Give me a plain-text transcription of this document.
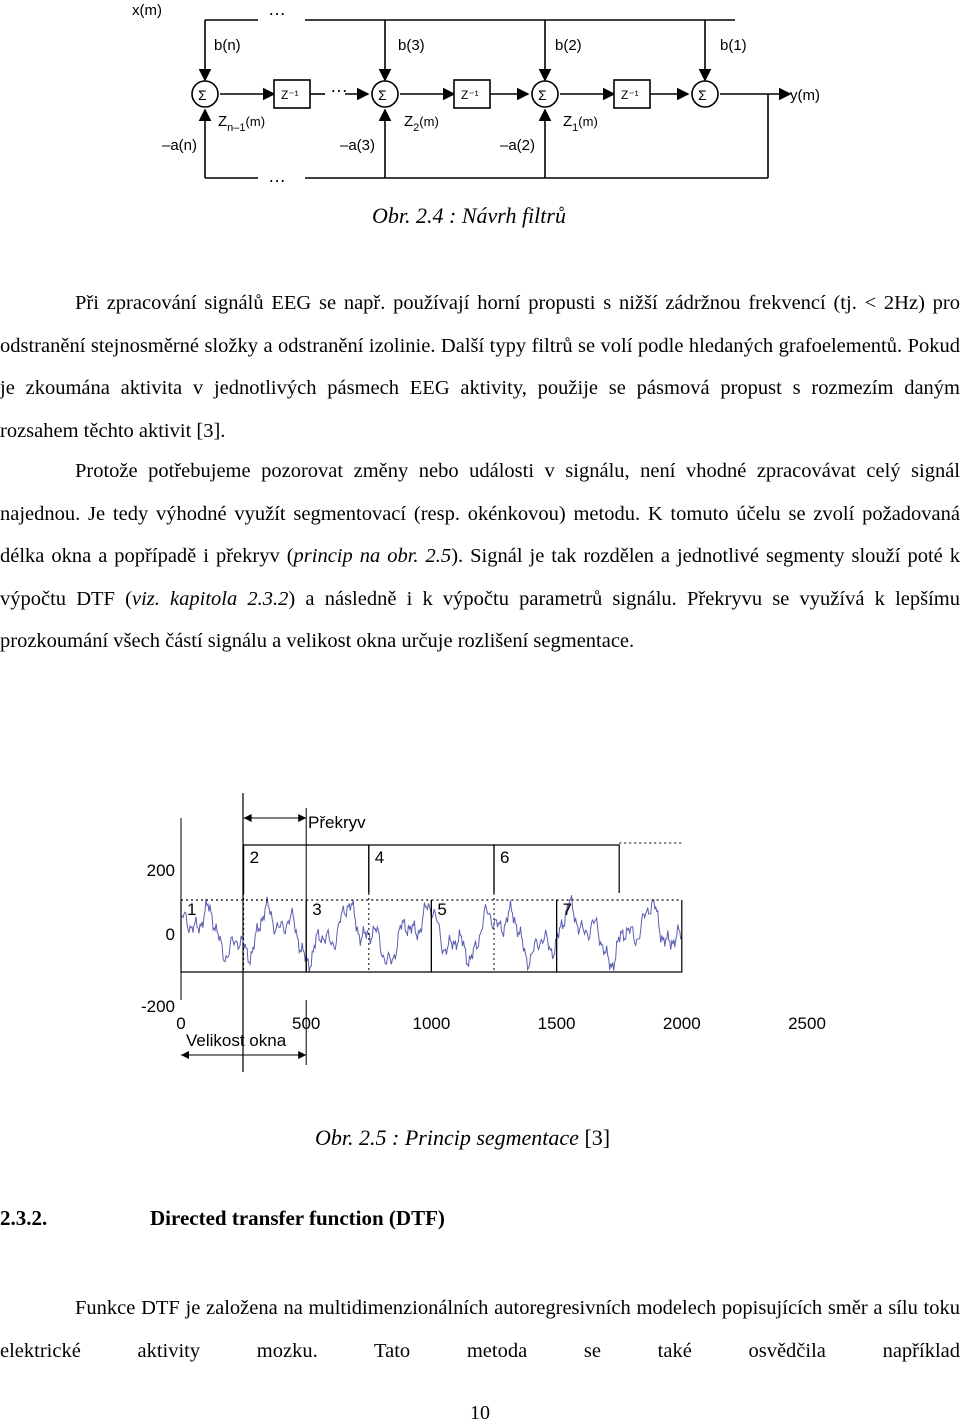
x(m)	…
…
…
Σ	Σ	Σ	Σ
Z⁻¹	Z⁻¹	Z⁻¹
b(n)	b(3)	b(2)	b(1)
–a(n)	–a(3)	–a(2)
$Z_{n-1}(m)$	$Z_2(m)$	$Z_1(m)$
y(m)
Obr. 2.4 : Návrh filtrů

Při zpracování signálů EEG se např. používají horní propusti s nižší zádržnou frekvencí (tj. < 2Hz) pro odstranění stejnosměrné složky a odstranění izolinie. Další typy filtrů se volí podle hledaných grafoelementů. Pokud je zkoumána aktivita v jednotlivých pásmech EEG aktivity, použije se pásmová propust s rozmezím daným rozsahem těchto aktivit [3].

Protože potřebujeme pozorovat změny nebo události v signálu, není vhodné zpracovávat celý signál najednou. Je tedy výhodné využít segmentovací (resp. okénkovou) metodu. K tomuto účelu se zvolí požadovaná délka okna a popřípadě i překryv (princip na obr. 2.5). Signál je tak rozdělen a jednotlivé segmenty slouží poté k výpočtu DTF (viz. kapitola 2.3.2) a následně i k výpočtu parametrů signálu. Překryvu se využívá k lepšímu prozkoumání všech částí signálu a velikost okna určuje rozlišení segmentace.

Překryv
Velikost okna
200
0
-200
0	500	1000	1500	2000	2500
1
2
3
4
5
6
7
Obr. 2.5 : Princip segmentace [3]
2.3.2.	Directed transfer function (DTF)

Funkce DTF je založena na multidimenzionálních autoregresivních modelech popisujících směr a sílu toku elektrické aktivity mozku. Tato metoda se také osvědčila například

10
